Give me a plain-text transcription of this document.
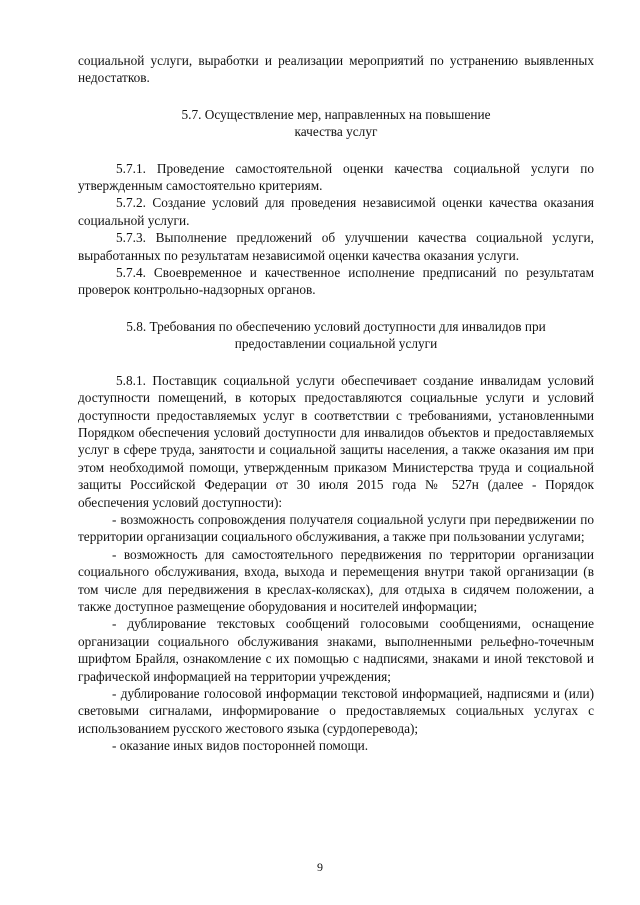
социальной услуги, выработки и реализации мероприятий по устранению выявленных недостатков.

5.7. Осуществление мер, направленных на повышение
качества услуг

5.7.1. Проведение самостоятельной оценки качества социальной услуги по утвержденным самостоятельно критериям.

5.7.2. Создание условий для проведения независимой оценки качества оказания социальной услуги.

5.7.3. Выполнение предложений об улучшении качества социальной услуги, выработанных по результатам независимой оценки качества оказания услуги.

5.7.4. Своевременное и качественное исполнение предписаний по результатам проверок контрольно-надзорных органов.

5.8. Требования по обеспечению условий доступности для инвалидов при
предоставлении социальной услуги

5.8.1. Поставщик социальной услуги обеспечивает создание инвалидам условий доступности помещений, в которых предоставляются социальные услуги и условий доступности предоставляемых услуг в соответствии с требованиями, установленными Порядком обеспечения условий доступности для инвалидов объектов и предоставляемых услуг в сфере труда, занятости и социальной защиты населения, а также оказания им при этом необходимой помощи, утвержденным приказом Министерства труда и социальной защиты Российской Федерации от 30 июля 2015 года № 527н (далее - Порядок обеспечения условий доступности):

- возможность сопровождения получателя социальной услуги при передвижении по территории организации социального обслуживания, а также при пользовании услугами;

- возможность для самостоятельного передвижения по территории организации социального обслуживания, входа, выхода и перемещения внутри такой организации (в том числе для передвижения в креслах-колясках), для отдыха в сидячем положении, а также доступное размещение оборудования и носителей информации;

- дублирование текстовых сообщений голосовыми сообщениями, оснащение организации социального обслуживания знаками, выполненными рельефно-точечным шрифтом Брайля, ознакомление с их помощью с надписями, знаками и иной текстовой и графической информацией на территории учреждения;

- дублирование голосовой информации текстовой информацией, надписями и (или) световыми сигналами, информирование о предоставляемых социальных услугах с использованием русского жестового языка (сурдоперевода);

- оказание иных видов посторонней помощи.

9
